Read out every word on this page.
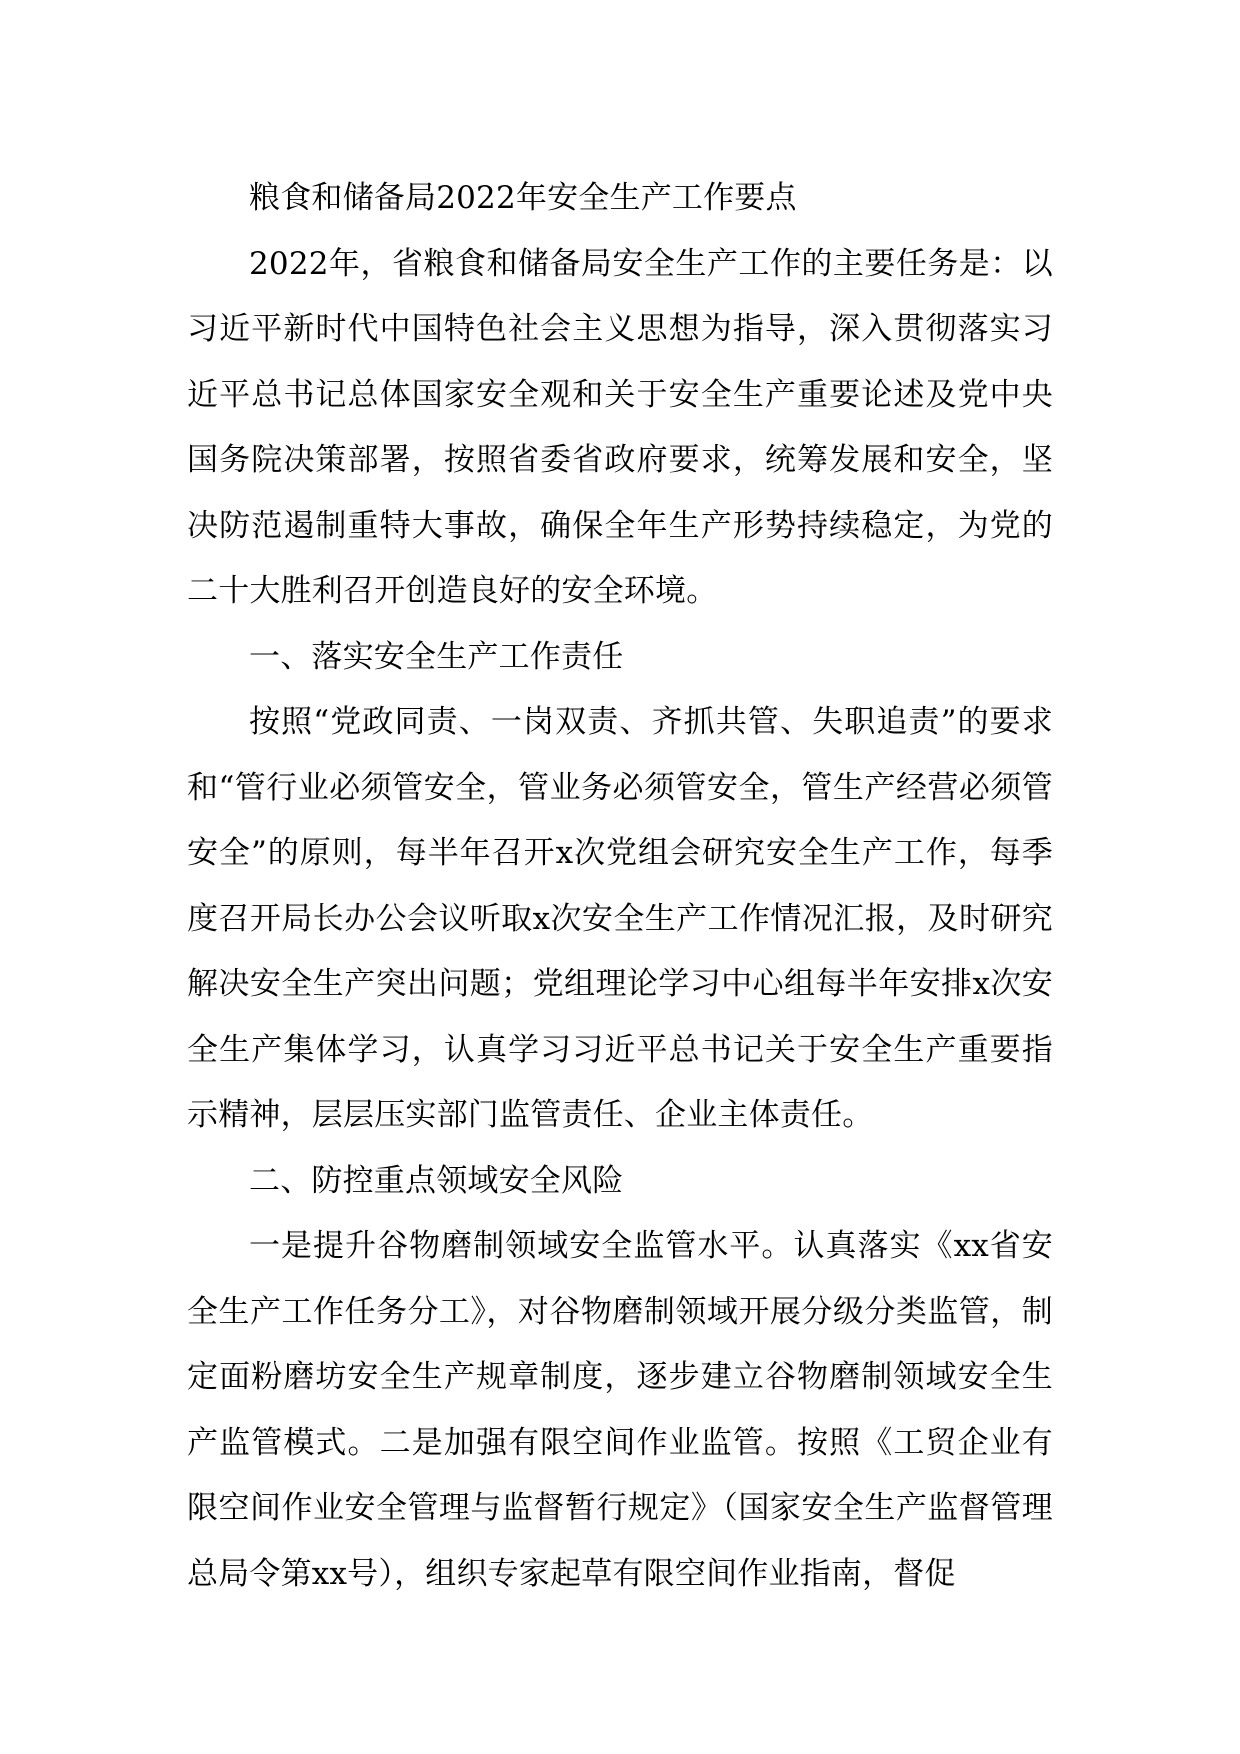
粮食和储备局2022年安全生产工作要点

2022年，省粮食和储备局安全生产工作的主要任务是：以习近平新时代中国特色社会主义思想为指导，深入贯彻落实习近平总书记总体国家安全观和关于安全生产重要论述及党中央国务院决策部署，按照省委省政府要求，统筹发展和安全，坚决防范遏制重特大事故，确保全年生产形势持续稳定，为党的二十大胜利召开创造良好的安全环境。

一、落实安全生产工作责任

按照“党政同责、一岗双责、齐抓共管、失职追责”的要求和“管行业必须管安全，管业务必须管安全，管生产经营必须管安全”的原则，每半年召开x次党组会研究安全生产工作，每季度召开局长办公会议听取x次安全生产工作情况汇报，及时研究解决安全生产突出问题；党组理论学习中心组每半年安排x次安全生产集体学习，认真学习习近平总书记关于安全生产重要指示精神，层层压实部门监管责任、企业主体责任。

二、防控重点领域安全风险

一是提升谷物磨制领域安全监管水平。认真落实《xx省安全生产工作任务分工》，对谷物磨制领域开展分级分类监管，制定面粉磨坊安全生产规章制度，逐步建立谷物磨制领域安全生产监管模式。二是加强有限空间作业监管。按照《工贸企业有限空间作业安全管理与监督暂行规定》（国家安全生产监督管理总局令第xx号），组织专家起草有限空间作业指南，督促
